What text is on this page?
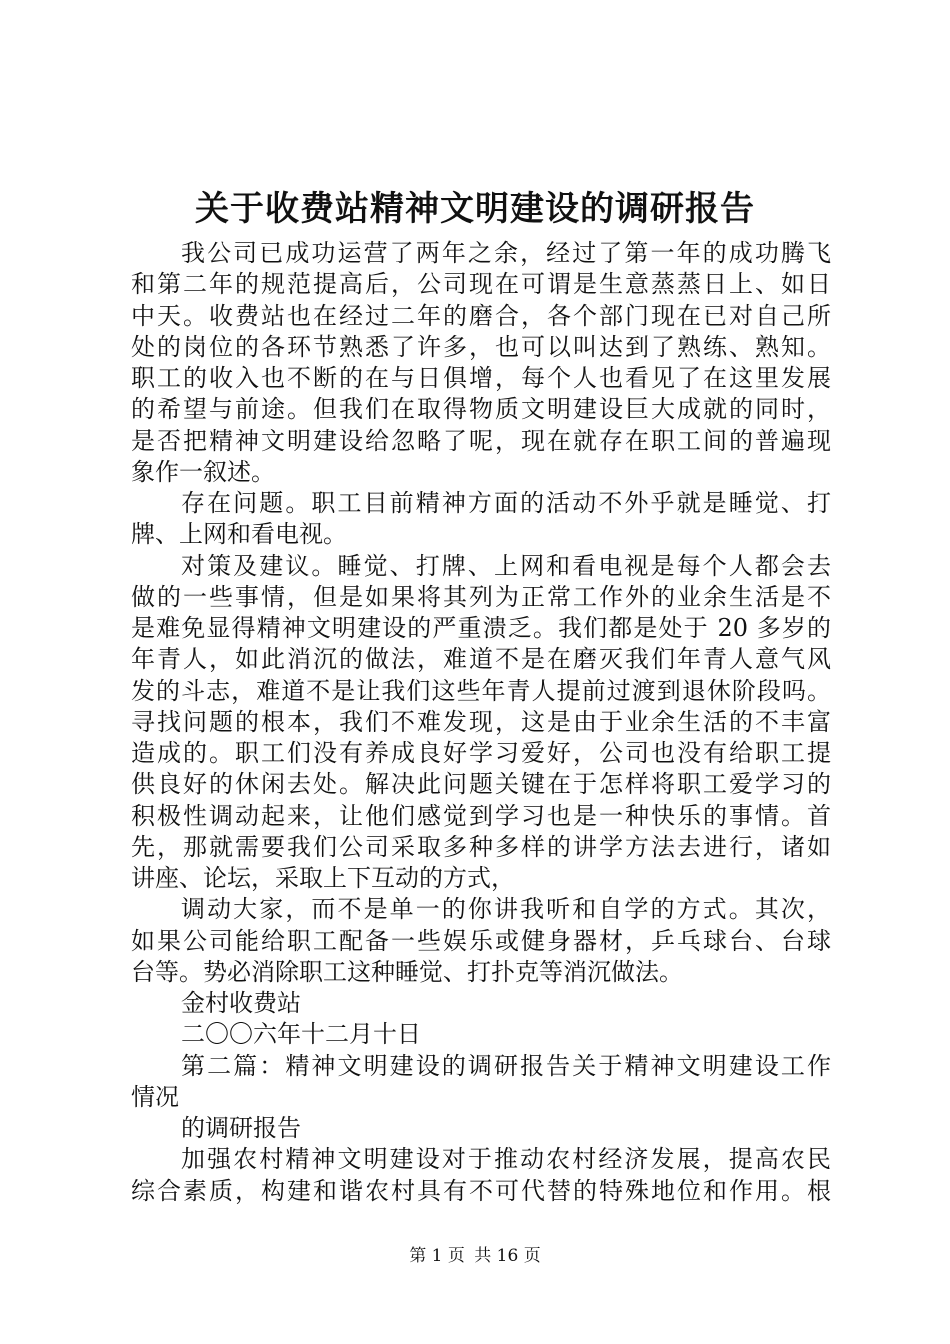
关于收费站精神文明建设的调研报告
我公司已成功运营了两年之余，经过了第一年的成功腾飞
和第二年的规范提高后，公司现在可谓是生意蒸蒸日上、如日
中天。收费站也在经过二年的磨合，各个部门现在已对自己所
处的岗位的各环节熟悉了许多，也可以叫达到了熟练、熟知。
职工的收入也不断的在与日俱增，每个人也看见了在这里发展
的希望与前途。但我们在取得物质文明建设巨大成就的同时，
是否把精神文明建设给忽略了呢，现在就存在职工间的普遍现
象作一叙述。
存在问题。职工目前精神方面的活动不外乎就是睡觉、打
牌、上网和看电视。
对策及建议。睡觉、打牌、上网和看电视是每个人都会去
做的一些事情，但是如果将其列为正常工作外的业余生活是不
是难免显得精神文明建设的严重溃乏。我们都是处于 20 多岁的
年青人，如此消沉的做法，难道不是在磨灭我们年青人意气风
发的斗志，难道不是让我们这些年青人提前过渡到退休阶段吗。
寻找问题的根本，我们不难发现，这是由于业余生活的不丰富
造成的。职工们没有养成良好学习爱好，公司也没有给职工提
供良好的休闲去处。解决此问题关键在于怎样将职工爱学习的
积极性调动起来，让他们感觉到学习也是一种快乐的事情。首
先，那就需要我们公司采取多种多样的讲学方法去进行，诸如
讲座、论坛，采取上下互动的方式，
调动大家，而不是单一的你讲我听和自学的方式。其次，
如果公司能给职工配备一些娱乐或健身器材，乒乓球台、台球
台等。势必消除职工这种睡觉、打扑克等消沉做法。
金村收费站
二〇〇六年十二月十日
第二篇：精神文明建设的调研报告关于精神文明建设工作
情况
的调研报告
加强农村精神文明建设对于推动农村经济发展，提高农民
综合素质，构建和谐农村具有不可代替的特殊地位和作用。根
第 1 页 共 16 页
